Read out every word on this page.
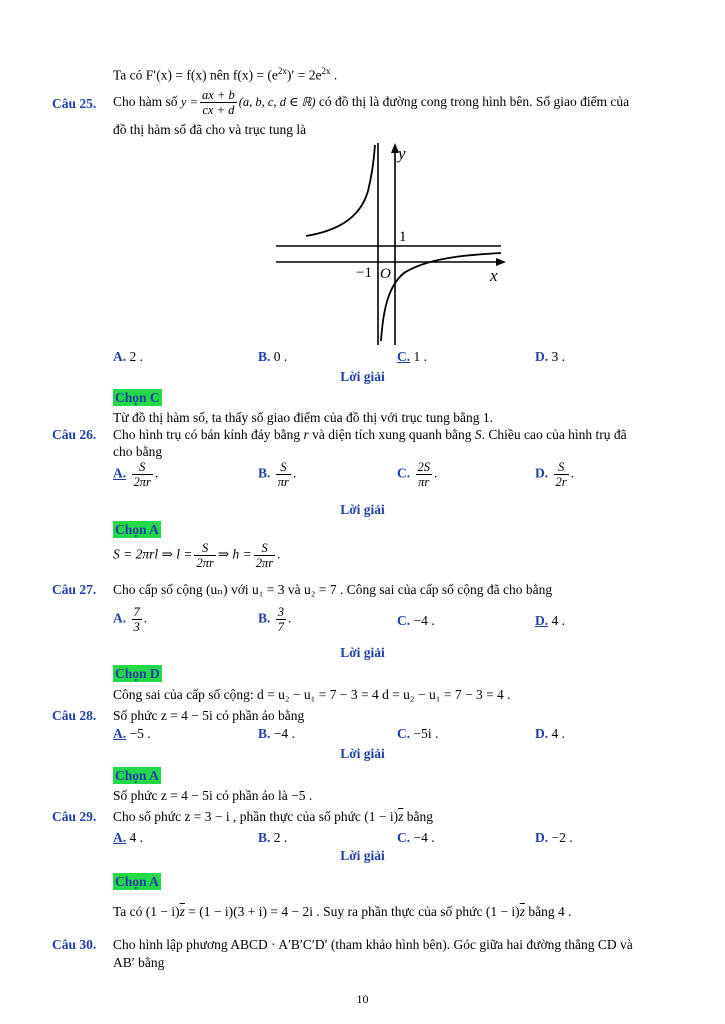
Ta có F′(x) = f(x) nên $f(x) = (e^{2x})' = 2e^{2x}$ .
Câu 25. Cho hàm số $y = \frac{ax + b}{cx + d} (a$, b, c, d ∈ ℝ) có đồ thị là đường cong trong hình bên. Số giao điểm của
đồ thị hàm số đã cho và trục tung là
y
x
1
−1 O
A. 2 .	B. 0 .	C. 1 .	D. 3 .
Lời giải
Chọn C
Từ đồ thị hàm số, ta thấy số giao điểm của đồ thị với trục tung bằng 1.
Câu 26. Cho hình trụ có bán kính đáy bằng r và diện tích xung quanh bằng S. Chiều cao của hình trụ đã
cho bằng
A. $\frac{S}{2\pi r}$ .	B. $\frac{S}{\pi r}$ .	C. $\frac{2S}{\pi r}$ .	D. $\frac{S}{2r}$ .
Lời giải
Chọn A
S = 2πrl ⇒ $l = \frac{S}{2\pi r}$ ⇒ $h = \frac{S}{2\pi r}$ .
Câu 27. Cho cấp số cộng (uₙ) với u₁ = 3 và u₂ = 7 . Công sai của cấp số cộng đã cho bằng
A. $\frac{7}{3}$ .	B. $\frac{3}{7}$ .	C. −4 .	D. 4 .
Lời giải
Chọn D
Công sai của cấp số cộng: d = u₂ − u₁ = 7 − 3 = 4 d = u₂ − u₁ = 7 − 3 = 4 .
Câu 28. Số phức z = 4 − 5i có phần ảo bằng
A. −5 .	B. −4 .	C. −5i .	D. 4 .
Lời giải
Chọn A
Số phức z = 4 − 5i có phần ảo là −5 .
Câu 29. Cho số phức z = 3 − i , phần thực của số phức $(1 - i)\overline{z}$ bằng
A. 4 .	B. 2 .	C. −4 .	D. −2 .
Lời giải
Chọn A
Ta có $(1 - i)\overline{z} = (1 - i)(3 + i) = 4 - 2i$ . Suy ra phần thực của số phức $(1 - i)\overline{z}$ bằng 4 .
Câu 30. Cho hình lập phương ABCD · A′B′C′D′ (tham khảo hình bên). Góc giữa hai đường thẳng CD và
AB′ bằng
10
